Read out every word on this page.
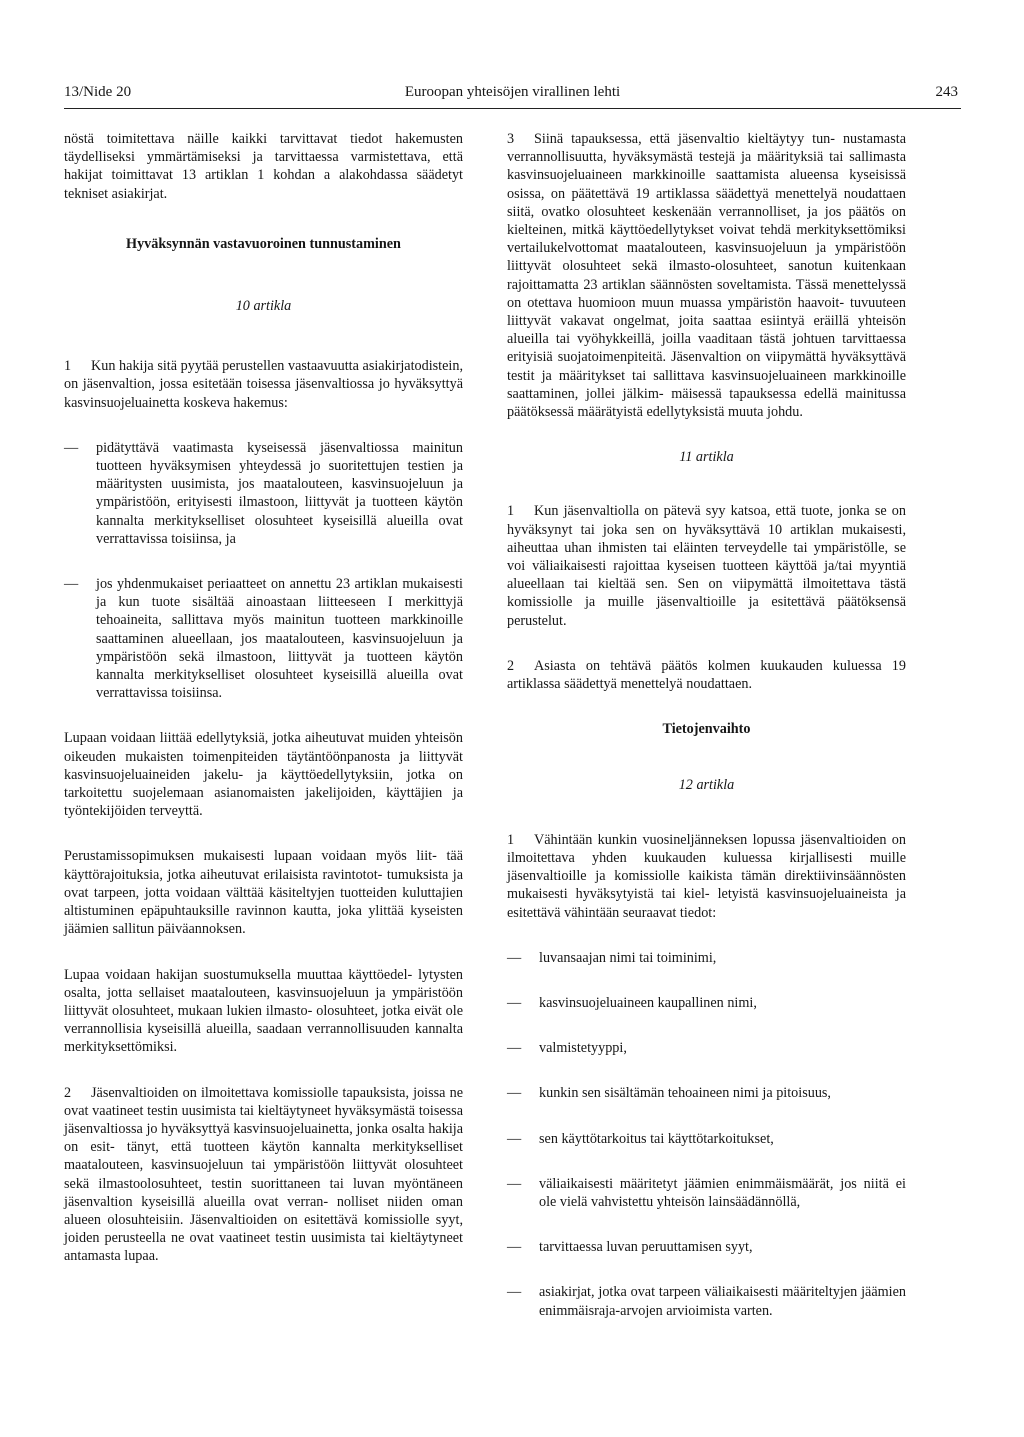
13/Nide 20	Euroopan yhteisöjen virallinen lehti	243

nöstä toimitettava näille kaikki tarvittavat tiedot hakemusten täydelliseksi ymmärtämiseksi ja tarvittaessa varmistettava, että hakijat toimittavat 13 artiklan 1 kohdan a alakohdassa säädetyt tekniset asiakirjat.

Hyväksynnän vastavuoroinen tunnustaminen
10 artikla

1 Kun hakija sitä pyytää perustellen vastaavuutta asiakirjatodistein, on jäsenvaltion, jossa esitetään toisessa jäsenvaltiossa jo hyväksyttyä kasvinsuojeluainetta koskeva hakemus:

—	pidätyttävä vaatimasta kyseisessä jäsenvaltiossa mainitun tuotteen hyväksymisen yhteydessä jo suoritettujen testien ja määritysten uusimista, jos maatalouteen, kasvinsuojeluun ja ympäristöön, erityisesti ilmastoon, liittyvät ja tuotteen käytön kannalta merkitykselliset olosuhteet kyseisillä alueilla ovat verrattavissa toisiinsa, ja
—	jos yhdenmukaiset periaatteet on annettu 23 artiklan mukaisesti ja kun tuote sisältää ainoastaan liitteeseen I merkittyjä tehoaineita, sallittava myös mainitun tuotteen markkinoille saattaminen alueellaan, jos maatalouteen, kasvinsuojeluun ja ympäristöön sekä ilmastoon, liittyvät ja tuotteen käytön kannalta merkitykselliset olosuhteet kyseisillä alueilla ovat verrattavissa toisiinsa.

Lupaan voidaan liittää edellytyksiä, jotka aiheutuvat muiden yhteisön oikeuden mukaisten toimenpiteiden täytäntöönpanosta ja liittyvät kasvinsuojeluaineiden jakelu- ja käyttöedellytyksiin, jotka on tarkoitettu suojelemaan asianomaisten jakelijoiden, käyttäjien ja työntekijöiden terveyttä.

Perustamissopimuksen mukaisesti lupaan voidaan myös liit- tää käyttörajoituksia, jotka aiheutuvat erilaisista ravintotot- tumuksista ja ovat tarpeen, jotta voidaan välttää käsiteltyjen tuotteiden kuluttajien altistuminen epäpuhtauksille ravinnon kautta, joka ylittää kyseisten jäämien sallitun päiväannoksen.

Lupaa voidaan hakijan suostumuksella muuttaa käyttöedel- lytysten osalta, jotta sellaiset maatalouteen, kasvinsuojeluun ja ympäristöön liittyvät olosuhteet, mukaan lukien ilmasto- olosuhteet, jotka eivät ole verrannollisia kyseisillä alueilla, saadaan verrannollisuuden kannalta merkityksettömiksi.

2 Jäsenvaltioiden on ilmoitettava komissiolle tapauksista, joissa ne ovat vaatineet testin uusimista tai kieltäytyneet hyväksymästä toisessa jäsenvaltiossa jo hyväksyttyä kasvinsuojeluainetta, jonka osalta hakija on esit- tänyt, että tuotteen käytön kannalta merkitykselliset maatalouteen, kasvinsuojeluun tai ympäristöön liittyvät olosuhteet sekä ilmastoolosuhteet, testin suorittaneen tai luvan myöntäneen jäsenvaltion kyseisillä alueilla ovat verran- nolliset niiden oman alueen olosuhteisiin. Jäsenvaltioiden on esitettävä komissiolle syyt, joiden perusteella ne ovat vaatineet testin uusimista tai kieltäytyneet antamasta lupaa.

3 Siinä tapauksessa, että jäsenvaltio kieltäytyy tun- nustamasta verrannollisuutta, hyväksymästä testejä ja määrityksiä tai sallimasta kasvinsuojeluaineen markkinoille saattamista alueensa kyseisissä osissa, on päätettävä 19 artiklassa säädettyä menettelyä noudattaen siitä, ovatko olosuhteet keskenään verrannolliset, ja jos päätös on kielteinen, mitkä käyttöedellytykset voivat tehdä merkityksettömiksi vertailukelvottomat maatalouteen, kasvinsuojeluun ja ympäristöön liittyvät olosuhteet sekä ilmasto-olosuhteet, sanotun kuitenkaan rajoittamatta 23 artiklan säännösten soveltamista. Tässä menettelyssä on otettava huomioon muun muassa ympäristön haavoit- tuvuuteen liittyvät vakavat ongelmat, joita saattaa esiintyä eräillä yhteisön alueilla tai vyöhykkeillä, joilla vaaditaan tästä johtuen tarvittaessa erityisiä suojatoimenpiteitä. Jäsenvaltion on viipymättä hyväksyttävä testit ja määritykset tai sallittava kasvinsuojeluaineen markkinoille saattaminen, jollei jälkim- mäisessä tapauksessa edellä mainitussa päätöksessä määrätyistä edellytyksistä muuta johdu.

11 artikla

1 Kun jäsenvaltiolla on pätevä syy katsoa, että tuote, jonka se on hyväksynyt tai joka sen on hyväksyttävä 10 artiklan mukaisesti, aiheuttaa uhan ihmisten tai eläinten terveydelle tai ympäristölle, se voi väliaikaisesti rajoittaa kyseisen tuotteen käyttöä ja/tai myyntiä alueellaan tai kieltää sen. Sen on viipymättä ilmoitettava tästä komissiolle ja muille jäsenvaltioille ja esitettävä päätöksensä perustelut.

2 Asiasta on tehtävä päätös kolmen kuukauden kuluessa 19 artiklassa säädettyä menettelyä noudattaen.

Tietojenvaihto
12 artikla

1 Vähintään kunkin vuosineljänneksen lopussa jäsenvaltioiden on ilmoitettava yhden kuukauden kuluessa kirjallisesti muille jäsenvaltioille ja komissiolle kaikista tämän direktiivinsäännösten mukaisesti hyväksytyistä tai kiel- letyistä kasvinsuojeluaineista ja esitettävä vähintään seuraavat tiedot:

—	luvansaajan nimi tai toiminimi,
—	kasvinsuojeluaineen kaupallinen nimi,
—	valmistetyyppi,
—	kunkin sen sisältämän tehoaineen nimi ja pitoisuus,
—	sen käyttötarkoitus tai käyttötarkoitukset,
—	väliaikaisesti määritetyt jäämien enimmäismäärät, jos niitä ei ole vielä vahvistettu yhteisön lainsäädännöllä,
—	tarvittaessa luvan peruuttamisen syyt,
—	asiakirjat, jotka ovat tarpeen väliaikaisesti määriteltyjen jäämien enimmäisraja-arvojen arvioimista varten.
